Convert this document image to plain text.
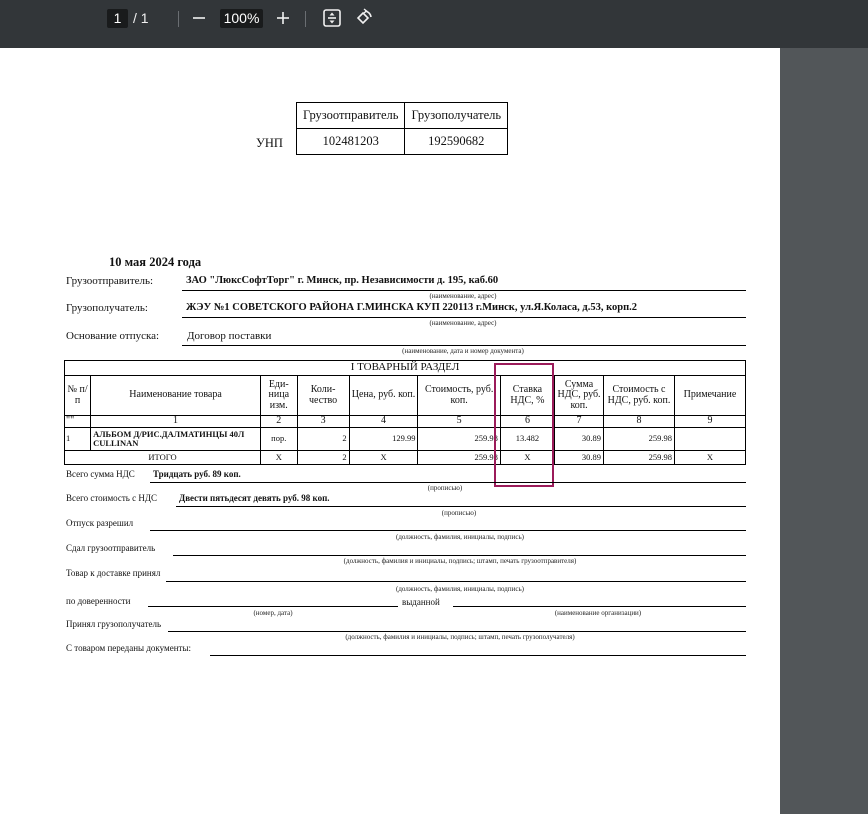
1 / 1	100%
Грузоотправитель	Грузополучатель
102481203	192590682
УНП
10 мая 2024 года
Грузоотправитель:	ЗАО "ЛюксСофтТорг" г. Минск, пр. Независимости д. 195, каб.60
(наименование, адрес)
Грузополучатель:	ЖЭУ №1 СОВЕТСКОГО РАЙОНА Г.МИНСКА КУП 220113 г.Минск, ул.Я.Коласа, д.53, корп.2
(наименование, адрес)
Основание отпуска:	Договор поставки
(наименование, дата и номер документа)
I ТОВАРНЫЙ РАЗДЕЛ									
№ п/п	Наименование товара	Еди-ница изм.	Коли-чество	Цена, руб. коп.	Стоимость, руб. коп.	Ставка НДС, %	Сумма НДС, руб. коп.	Стоимость с НДС, руб. коп.	Примечание
""	1	2	3	4	5	6	7	8	9
1	АЛЬБОМ Д/РИС.ДАЛМАТИНЦЫ 40Л CULLINAN	пор.	2	129.99	259.98	13.482	30.89	259.98	
ИТОГО		X	2	X	259.98	X	30.89	259.98	X
Всего сумма НДС Тридцать руб. 89 коп.
(прописью)
Всего стоимость с НДС Двести пятьдесят девять руб. 98 коп.
(прописью)
Отпуск разрешил
(должность, фамилия, инициалы, подпись)
Сдал грузоотправитель
(должность, фамилия и инициалы, подпись; штамп, печать грузоотправителя)
Товар к доставке принял
(должность, фамилия, инициалы, подпись)
по доверенности	выданной
(номер, дата)	(наименование организации)
Принял грузополучатель
(должность, фамилия и инициалы, подпись; штамп, печать грузополучателя)
С товаром переданы документы:
